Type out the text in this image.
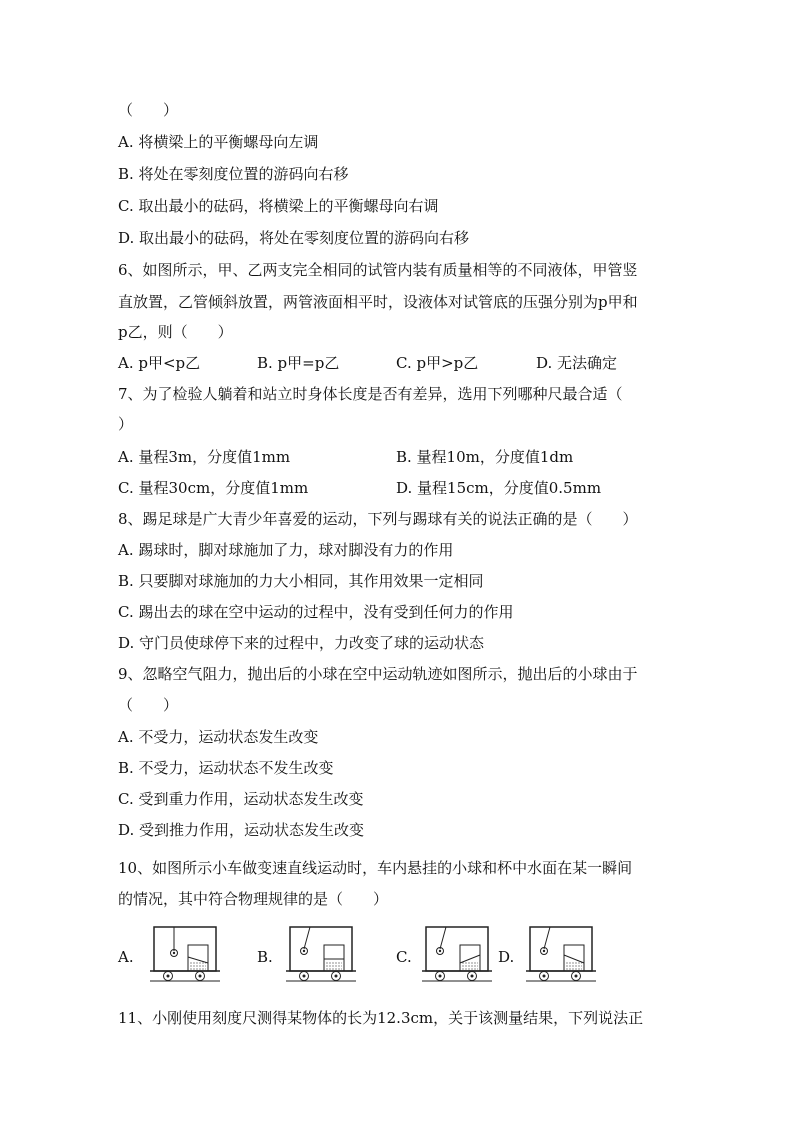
（　　）
A. 将横梁上的平衡螺母向左调
B. 将处在零刻度位置的游码向右移
C. 取出最小的砝码，将横梁上的平衡螺母向右调
D. 取出最小的砝码，将处在零刻度位置的游码向右移
6、如图所示，甲、乙两支完全相同的试管内装有质量相等的不同液体，甲管竖
直放置，乙管倾斜放置，两管液面相平时，设液体对试管底的压强分别为p甲和
p乙，则（　　）
A. p甲<p乙	B. p甲=p乙	C. p甲>p乙	D. 无法确定
7、为了检验人躺着和站立时身体长度是否有差异，选用下列哪种尺最合适（
）
A. 量程3m，分度值1mm	B. 量程10m，分度值1dm
C. 量程30cm，分度值1mm	D. 量程15cm，分度值0.5mm
8、踢足球是广大青少年喜爱的运动，下列与踢球有关的说法正确的是（　　）
A. 踢球时，脚对球施加了力，球对脚没有力的作用
B. 只要脚对球施加的力大小相同，其作用效果一定相同
C. 踢出去的球在空中运动的过程中，没有受到任何力的作用
D. 守门员使球停下来的过程中，力改变了球的运动状态
9、忽略空气阻力，抛出后的小球在空中运动轨迹如图所示，抛出后的小球由于
（　　）
A. 不受力，运动状态发生改变
B. 不受力，运动状态不发生改变
C. 受到重力作用，运动状态发生改变
D. 受到推力作用，运动状态发生改变
10、如图所示小车做变速直线运动时，车内悬挂的小球和杯中水面在某一瞬间
的情况，其中符合物理规律的是（　　）
A.	B.	C.	D.
11、小刚使用刻度尺测得某物体的长为12.3cm，关于该测量结果，下列说法正
